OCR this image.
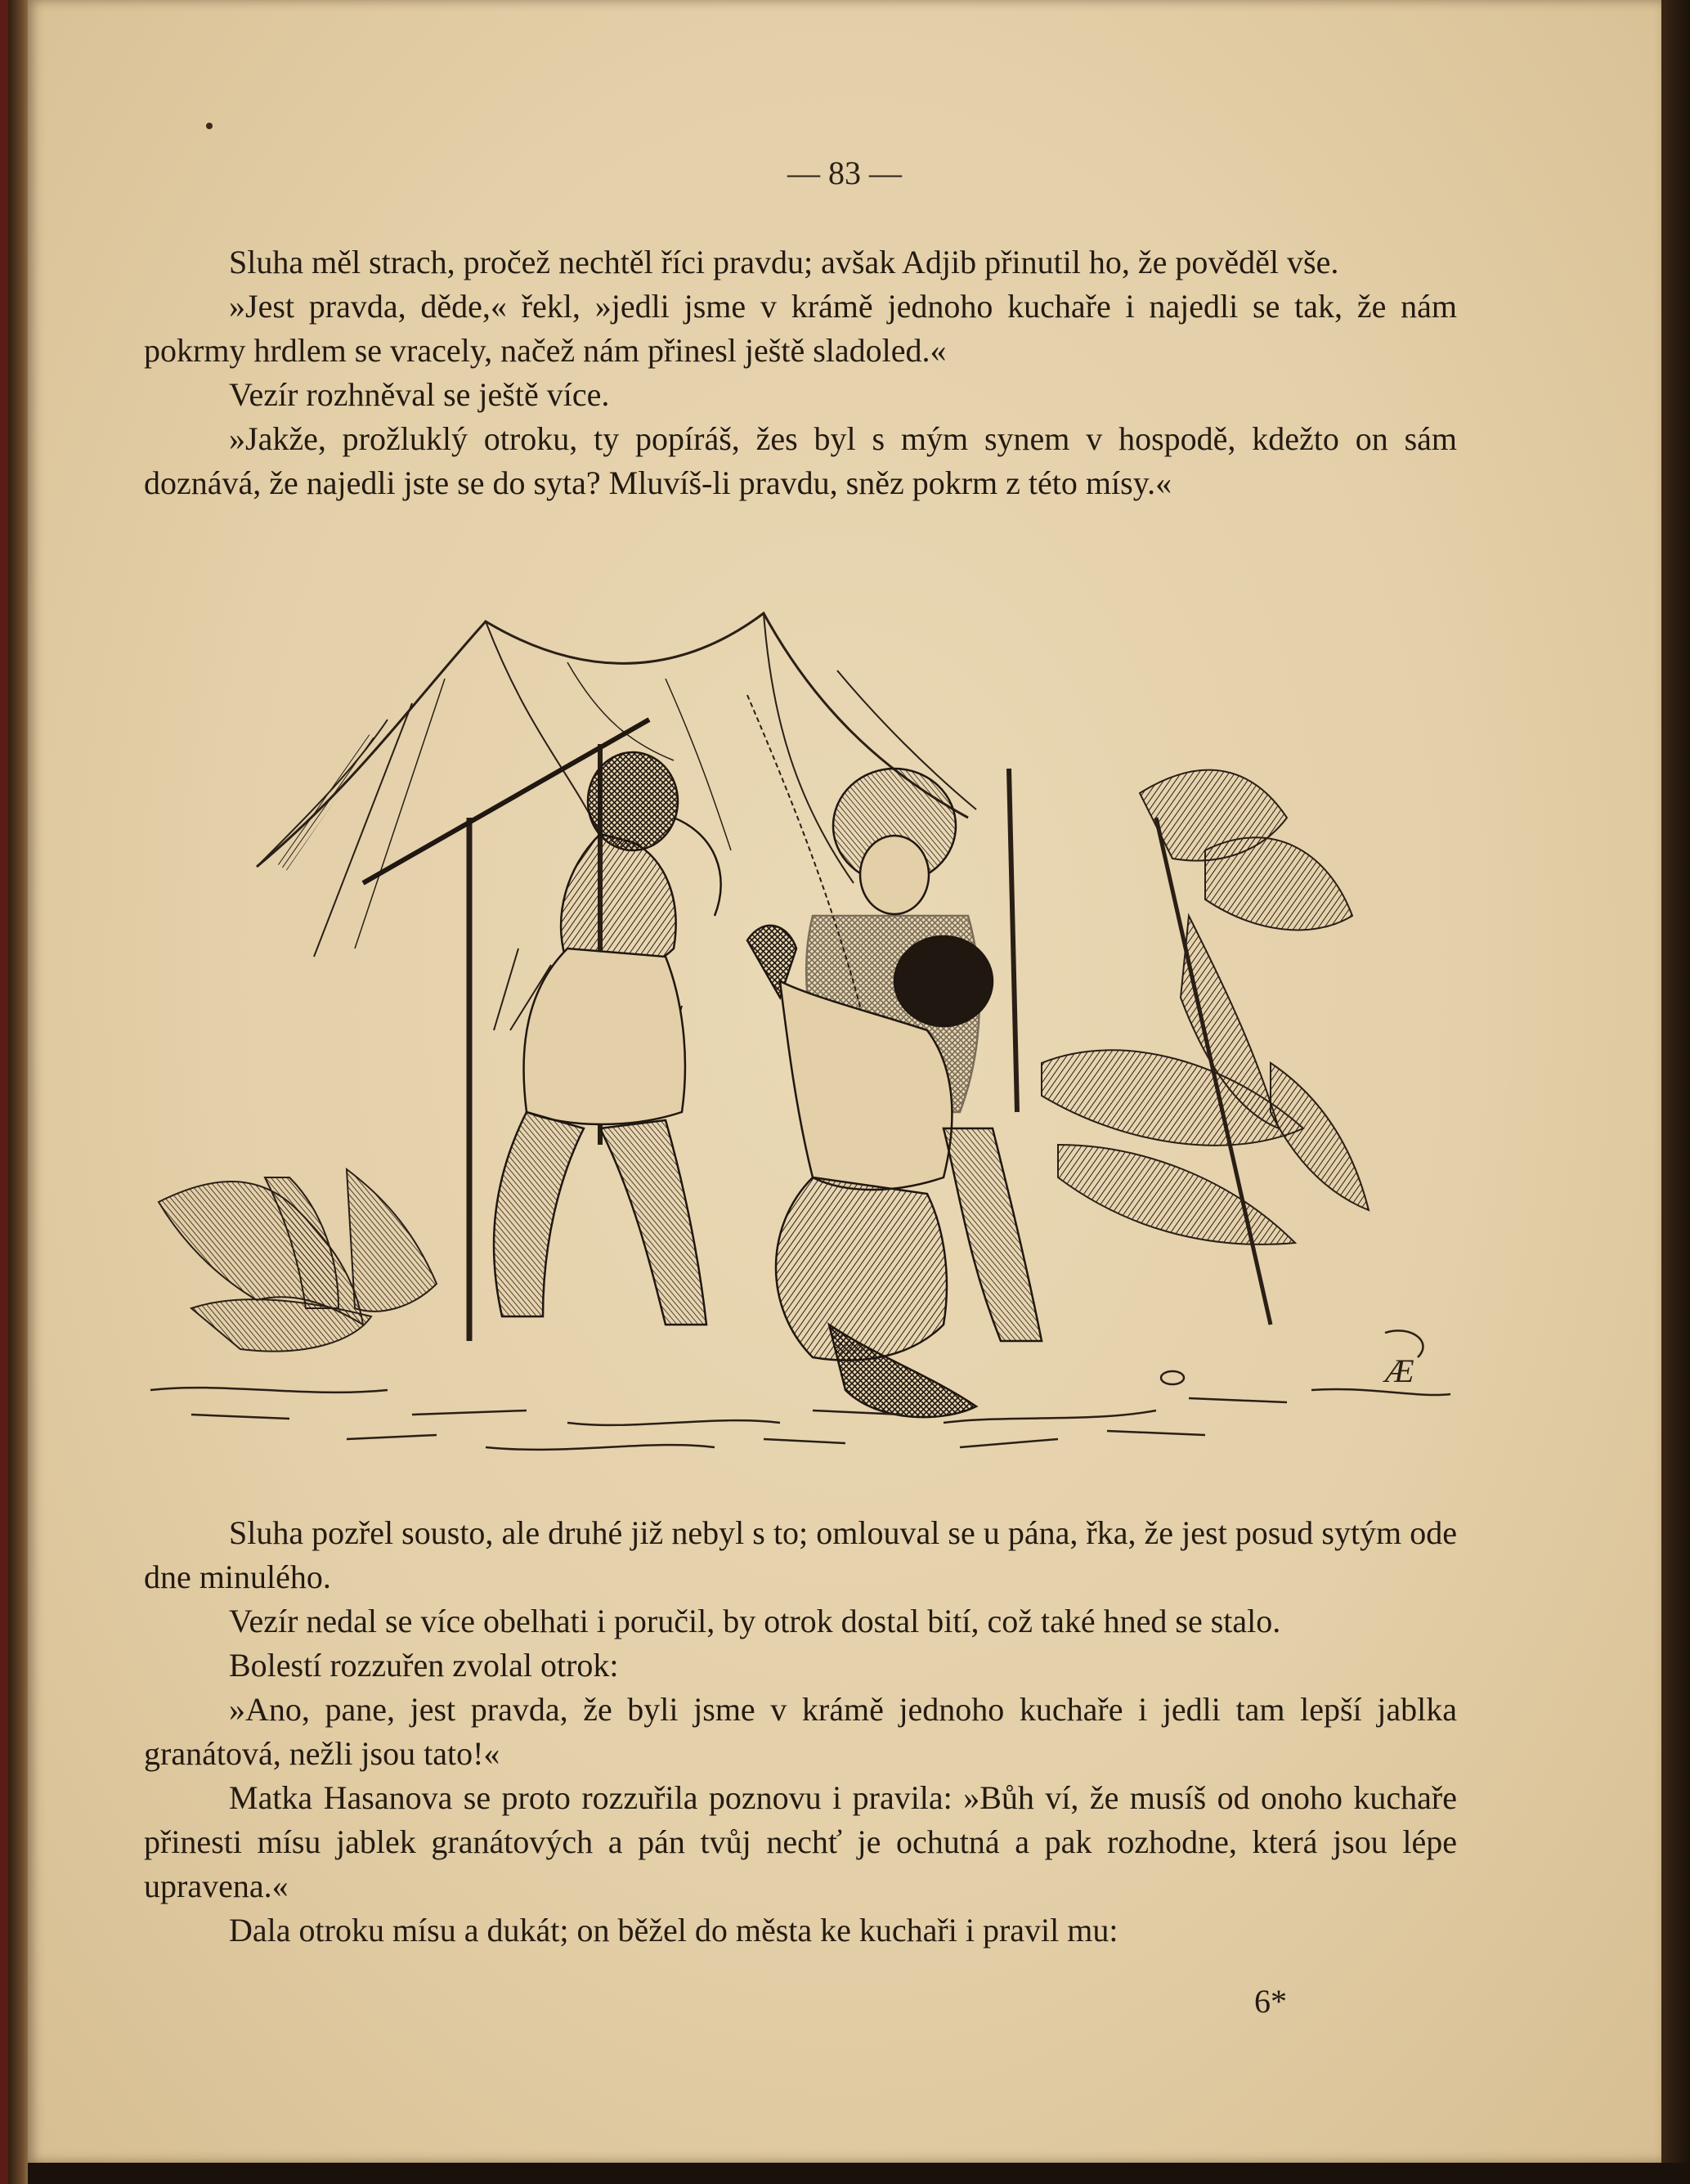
— 83 —

Sluha měl strach, pročež nechtěl říci pravdu; avšak Adjib přinutil ho, že pověděl vše.

»Jest pravda, děde,« řekl, »jedli jsme v krámě jednoho kuchaře i najedli se tak, že nám pokrmy hrdlem se vracely, načež nám přinesl ještě sladoled.«

Vezír rozhněval se ještě více.

»Jakže, prožluklý otroku, ty popíráš, žes byl s mým synem v hospodě, kdežto on sám doznává, že najedli jste se do syta? Mluvíš-li pravdu, sněz pokrm z této mísy.«

Æ

Sluha pozřel sousto, ale druhé již nebyl s to; omlouval se u pána, řka, že jest posud sytým ode dne minulého.

Vezír nedal se více obelhati i poručil, by otrok dostal bití, což také hned se stalo.

Bolestí rozzuřen zvolal otrok:

»Ano, pane, jest pravda, že byli jsme v krámě jednoho kuchaře i jedli tam lepší jablka granátová, nežli jsou tato!«

Matka Hasanova se proto rozzuřila poznovu i pravila: »Bůh ví, že musíš od onoho kuchaře přinesti mísu jablek granátových a pán tvůj nechť je ochutná a pak rozhodne, která jsou lépe upravena.«

Dala otroku mísu a dukát; on běžel do města ke kuchaři i pravil mu:

6*
